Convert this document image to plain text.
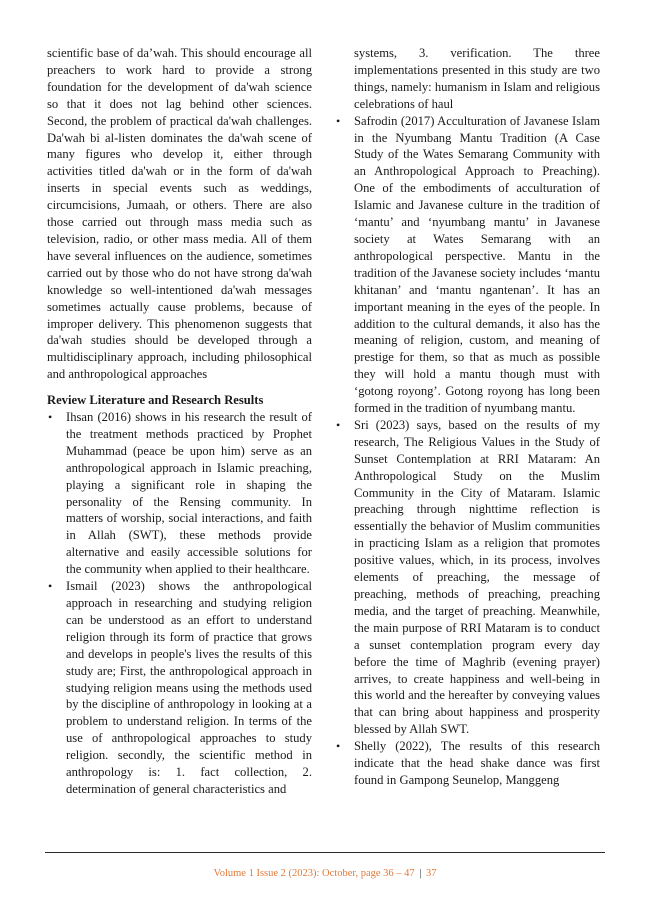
scientific base of da’wah. This should encourage all preachers to work hard to provide a strong foundation for the development of da'wah science so that it does not lag behind other sciences. Second, the problem of practical da'wah challenges. Da'wah bi al-listen dominates the da'wah scene of many figures who develop it, either through activities titled da'wah or in the form of da'wah inserts in special events such as weddings, circumcisions, Jumaah, or others. There are also those carried out through mass media such as television, radio, or other mass media. All of them have several influences on the audience, sometimes carried out by those who do not have strong da'wah knowledge so well-intentioned da'wah messages sometimes actually cause problems, because of improper delivery. This phenomenon suggests that da'wah studies should be developed through a multidisciplinary approach, including philosophical and anthropological approaches

Review Literature and Research Results
• Ihsan (2016) shows in his research the result of the treatment methods practiced by Prophet Muhammad (peace be upon him) serve as an anthropological approach in Islamic preaching, playing a significant role in shaping the personality of the Rensing community. In matters of worship, social interactions, and faith in Allah (SWT), these methods provide alternative and easily accessible solutions for the community when applied to their healthcare.
• Ismail (2023) shows the anthropological approach in researching and studying religion can be understood as an effort to understand religion through its form of practice that grows and develops in people's lives the results of this study are; First, the anthropological approach in studying religion means using the methods used by the discipline of anthropology in looking at a problem to understand religion. In terms of the use of anthropological approaches to study religion. secondly, the scientific method in anthropology is: 1. fact collection, 2. determination of general characteristics and

systems, 3. verification. The three implementations presented in this study are two things, namely: humanism in Islam and religious celebrations of haul

• Safrodin (2017) Acculturation of Javanese Islam in the Nyumbang Mantu Tradition (A Case Study of the Wates Semarang Community with an Anthropological Approach to Preaching). One of the embodiments of acculturation of Islamic and Javanese culture in the tradition of ‘mantu’ and ‘nyumbang mantu’ in Javanese society at Wates Semarang with an anthropological perspective. Mantu in the tradition of the Javanese society includes ‘mantu khitanan’ and ‘mantu ngantenan’. It has an important meaning in the eyes of the people. In addition to the cultural demands, it also has the meaning of religion, custom, and meaning of prestige for them, so that as much as possible they will hold a mantu though must with ‘gotong royong’. Gotong royong has long been formed in the tradition of nyumbang mantu.
• Sri (2023) says, based on the results of my research, The Religious Values in the Study of Sunset Contemplation at RRI Mataram: An Anthropological Study on the Muslim Community in the City of Mataram. Islamic preaching through nighttime reflection is essentially the behavior of Muslim communities in practicing Islam as a religion that promotes positive values, which, in its process, involves elements of preaching, the message of preaching, methods of preaching, preaching media, and the target of preaching. Meanwhile, the main purpose of RRI Mataram is to conduct a sunset contemplation program every day before the time of Maghrib (evening prayer) arrives, to create happiness and well-being in this world and the hereafter by conveying values that can bring about happiness and prosperity blessed by Allah SWT.
• Shelly (2022), The results of this research indicate that the head shake dance was first found in Gampong Seunelop, Manggeng
Volume 1 Issue 2 (2023): October, page 36 – 47 | 37
